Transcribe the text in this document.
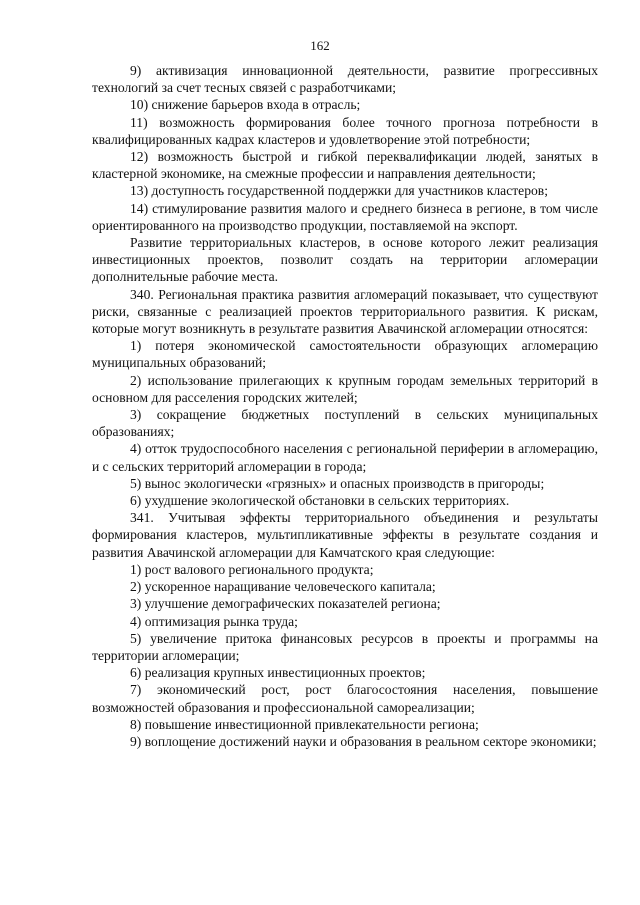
162

9) активизация инновационной деятельности, развитие прогрессивных технологий за счет тесных связей с разработчиками;

10) снижение барьеров входа в отрасль;

11) возможность формирования более точного прогноза потребности в квалифицированных кадрах кластеров и удовлетворение этой потребности;

12) возможность быстрой и гибкой переквалификации людей, занятых в кластерной экономике, на смежные профессии и направления деятельности;

13) доступность государственной поддержки для участников кластеров;

14) стимулирование развития малого и среднего бизнеса в регионе, в том числе ориентированного на производство продукции, поставляемой на экспорт.

Развитие территориальных кластеров, в основе которого лежит реализация инвестиционных проектов, позволит создать на территории агломерации дополнительные рабочие места.

340. Региональная практика развития агломераций показывает, что существуют риски, связанные с реализацией проектов территориального развития. К рискам, которые могут возникнуть в результате развития Авачинской агломерации относятся:

1) потеря экономической самостоятельности образующих агломерацию муниципальных образований;

2) использование прилегающих к крупным городам земельных территорий в основном для расселения городских жителей;

3) сокращение бюджетных поступлений в сельских муниципальных образованиях;

4) отток трудоспособного населения с региональной периферии в агломерацию, и с сельских территорий агломерации в города;

5) вынос экологически «грязных» и опасных производств в пригороды;

6) ухудшение экологической обстановки в сельских территориях.

341. Учитывая эффекты территориального объединения и результаты формирования кластеров, мультипликативные эффекты в результате создания и развития Авачинской агломерации для Камчатского края следующие:

1) рост валового регионального продукта;

2) ускоренное наращивание человеческого капитала;

3) улучшение демографических показателей региона;

4) оптимизация рынка труда;

5) увеличение притока финансовых ресурсов в проекты и программы на территории агломерации;

6) реализация крупных инвестиционных проектов;

7) экономический рост, рост благосостояния населения, повышение возможностей образования и профессиональной самореализации;

8) повышение инвестиционной привлекательности региона;

9) воплощение достижений науки и образования в реальном секторе экономики;
